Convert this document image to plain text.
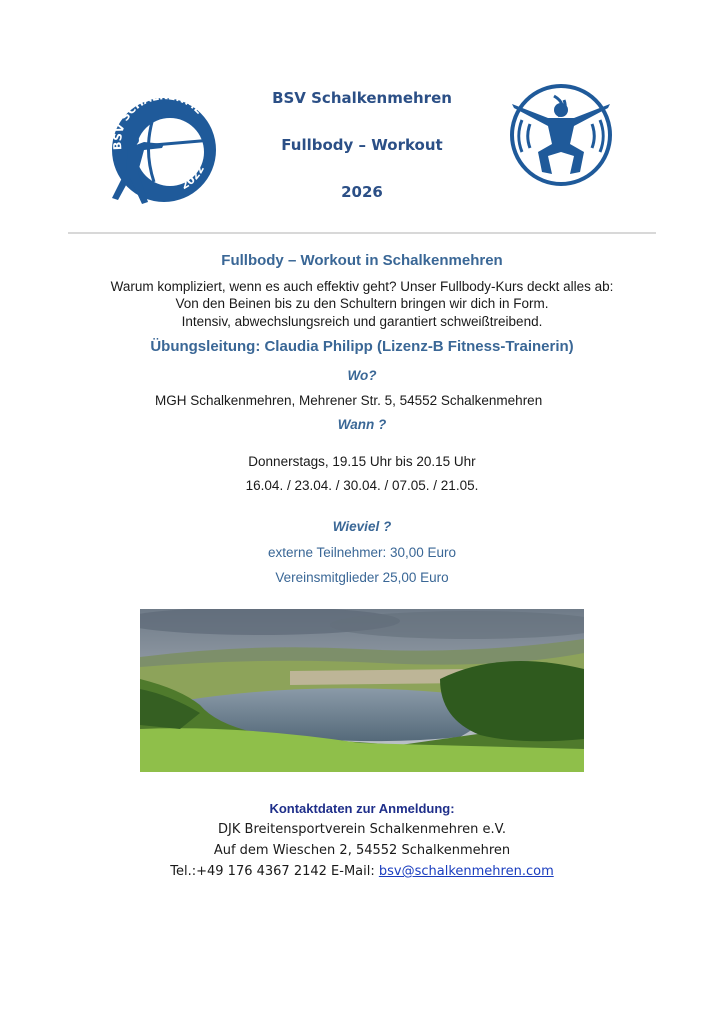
BSV SCHALKENME
2022
BSV Schalkenmehren
Fullbody – Workout
2026
Fullbody – Workout in Schalkenmehren
Warum kompliziert, wenn es auch effektiv geht? Unser Fullbody-Kurs deckt alles ab:
Von den Beinen bis zu den Schultern bringen wir dich in Form.
Intensiv, abwechslungsreich und garantiert schweißtreibend.
Übungsleitung: Claudia Philipp (Lizenz-B Fitness-Trainerin)
Wo?
MGH Schalkenmehren, Mehrener Str. 5, 54552 Schalkenmehren
Wann ?
Donnerstags, 19.15 Uhr bis 20.15 Uhr
16.04. / 23.04. / 30.04. / 07.05. / 21.05.
Wieviel ?
externe Teilnehmer: 30,00 Euro
Vereinsmitglieder 25,00 Euro
Kontaktdaten zur Anmeldung:
DJK Breitensportverein Schalkenmehren e.V.
Auf dem Wieschen 2, 54552 Schalkenmehren
Tel.:+49 176 4367 2142 E-Mail: bsv@schalkenmehren.com
